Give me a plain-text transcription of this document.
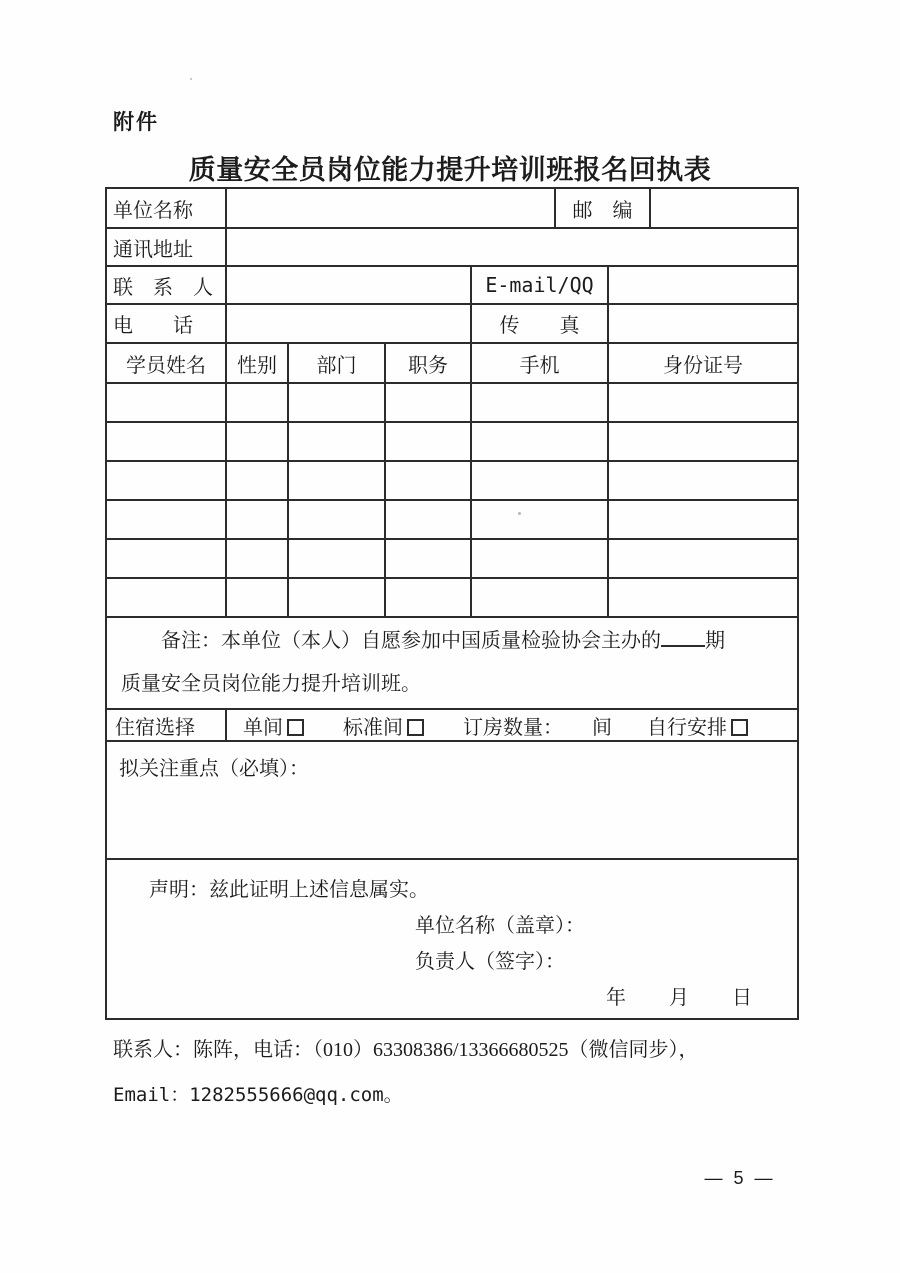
附件
质量安全员岗位能力提升培训班报名回执表
单位名称					邮　编		
通讯地址							
联　系　人				E-mail/QQ			
电　　话				传　　真			
学员姓名	性别	部门	职务	手机		身份证号	

备注：本单位（本人）自愿参加中国质量检验协会主办的 期
质量安全员岗位能力提升培训班。							

住宿选择	单间 标准间 订房数量： 间 自行安排						
拟关注重点（必填）：							

声明：兹此证明上述信息属实。
单位名称（盖章）：
负责人（签字）：
年　　月　　日							
联系人：陈阵，电话：（010）63308386/13366680525（微信同步），
Email：1282555666@qq.com。
— 5 —
